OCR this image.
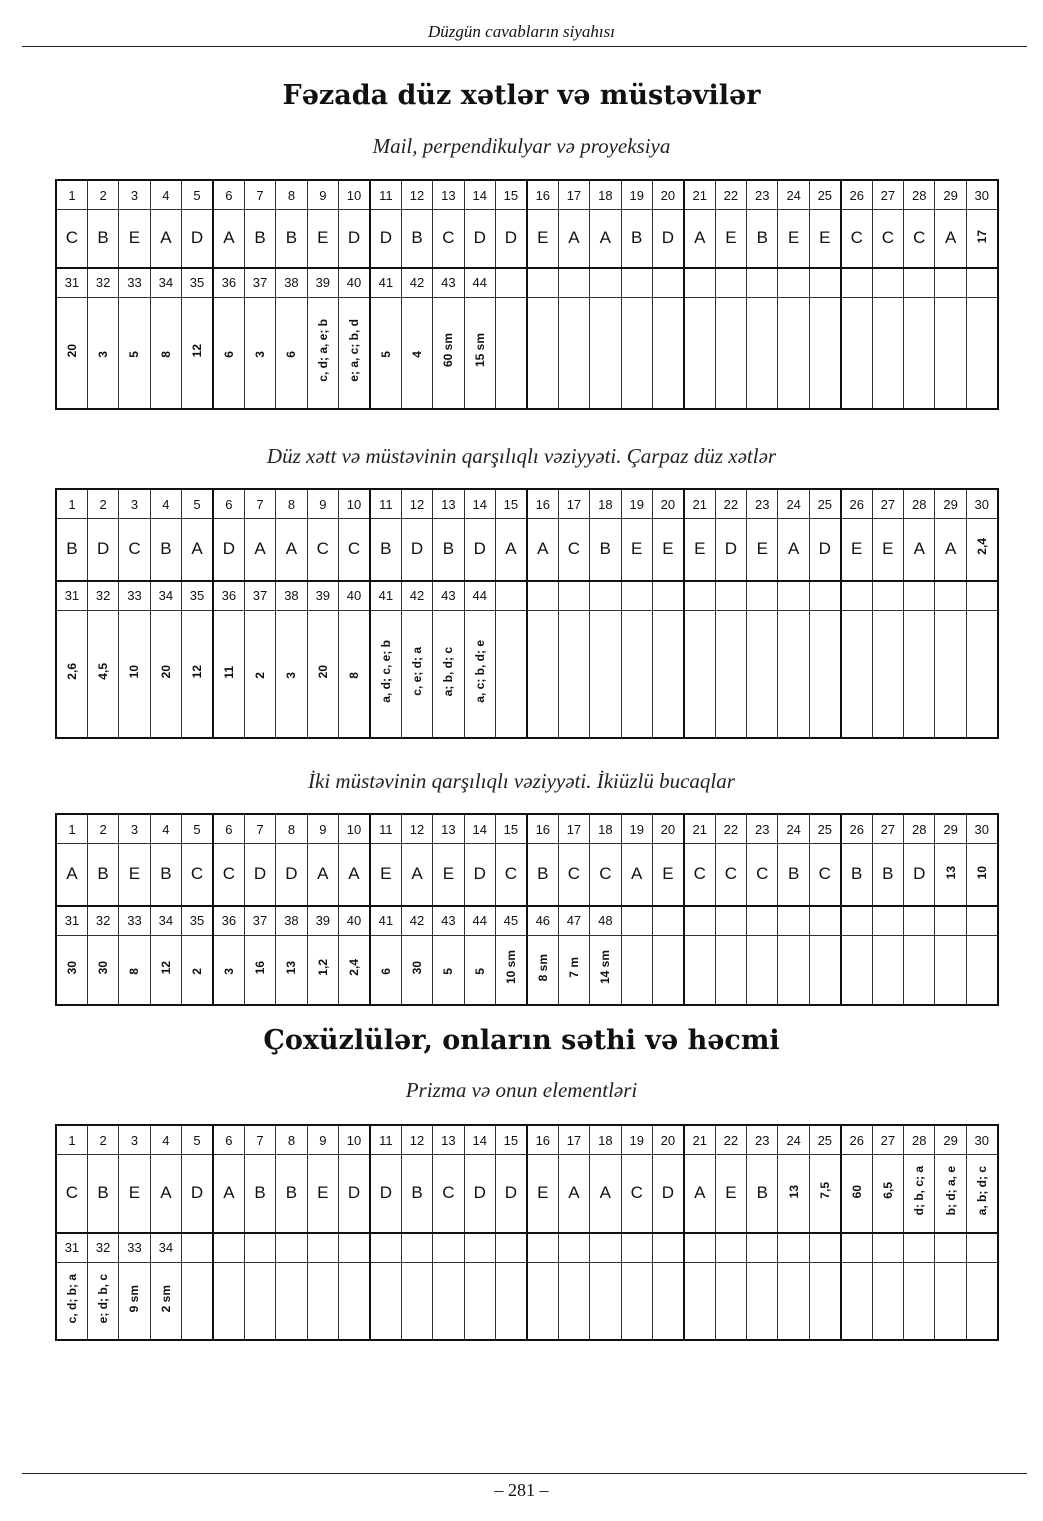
Düzgün cavabların siyahısı
Fəzada düz xətlər və müstəvilər
Mail, perpendikulyar və proyeksiya
1	2	3	4	5	6	7	8	9	10	11	12	13	14	15	16	17	18	19	20	21	22	23	24	25	26	27	28	29	30
C	B	E	A	D	A	B	B	E	D	D	B	C	D	D	E	A	A	B	D	A	E	B	E	E	C	C	C	A	17
31	32	33	34	35	36	37	38	39	40	41	42	43	44																
20	3	5	8	12	6	3	6	c, d; a, e; b	e; a, c; b, d	5	4	60 sm	15 sm																
Düz xətt və müstəvinin qarşılıqlı vəziyyəti. Çarpaz düz xətlər
1	2	3	4	5	6	7	8	9	10	11	12	13	14	15	16	17	18	19	20	21	22	23	24	25	26	27	28	29	30
B	D	C	B	A	D	A	A	C	C	B	D	B	D	A	A	C	B	E	E	E	D	E	A	D	E	E	A	A	2,4
31	32	33	34	35	36	37	38	39	40	41	42	43	44																
2,6	4,5	10	20	12	11	2	3	20	8	a, d; c, e; b	c, e; d; a	a; b, d; c	a, c; b, d; e																
İki müstəvinin qarşılıqlı vəziyyəti. İkiüzlü bucaqlar
1	2	3	4	5	6	7	8	9	10	11	12	13	14	15	16	17	18	19	20	21	22	23	24	25	26	27	28	29	30
A	B	E	B	C	C	D	D	A	A	E	A	E	D	C	B	C	C	A	E	C	C	C	B	C	B	B	D	13	10
31	32	33	34	35	36	37	38	39	40	41	42	43	44	45	46	47	48												
30	30	8	12	2	3	16	13	1,2	2,4	6	30	5	5	10 sm	8 sm	7 m	14 sm												
Çoxüzlülər, onların səthi və həcmi
Prizma və onun elementləri
1	2	3	4	5	6	7	8	9	10	11	12	13	14	15	16	17	18	19	20	21	22	23	24	25	26	27	28	29	30
C	B	E	A	D	A	B	B	E	D	D	B	C	D	D	E	A	A	C	D	A	E	B	13	7,5	60	6,5	d; b, c; a	b; d; a, e	a, b; d; c
31	32	33	34																										
c, d; b; a	e; d; b, c	9 sm	2 sm																										
– 281 –
